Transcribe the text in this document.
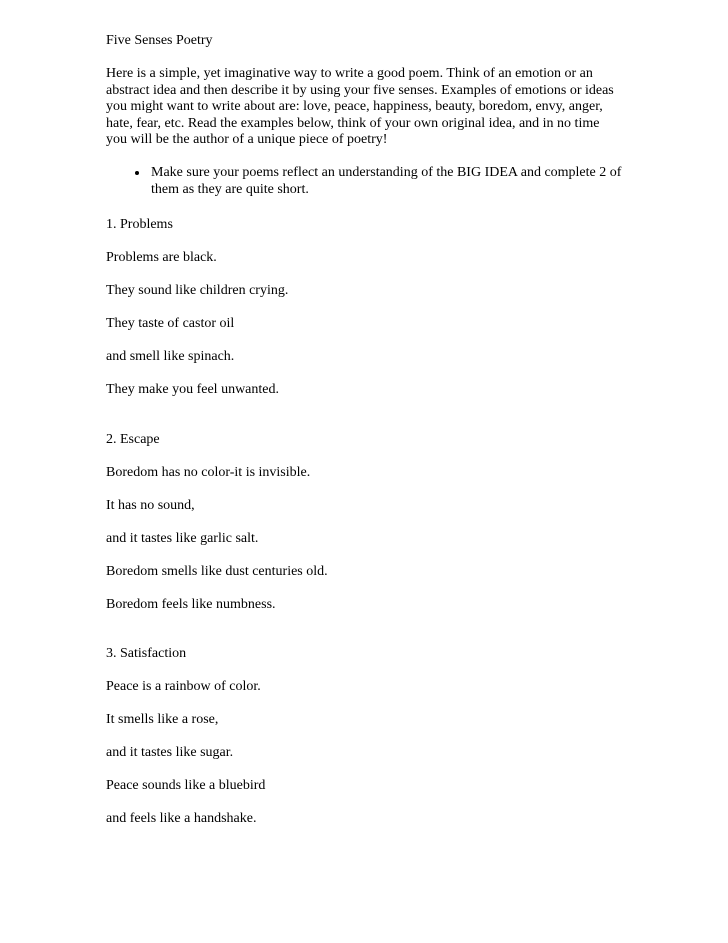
Five Senses Poetry

Here is a simple, yet imaginative way to write a good poem. Think of an emotion or an abstract idea and then describe it by using your five senses. Examples of emotions or ideas you might want to write about are: love, peace, happiness, beauty, boredom, envy, anger, hate, fear, etc. Read the examples below, think of your own original idea, and in no time you will be the author of a unique piece of poetry!

• Make sure your poems reflect an understanding of the BIG IDEA and complete 2 of them as they are quite short.

1. Problems

Problems are black.

They sound like children crying.

They taste of castor oil

and smell like spinach.

They make you feel unwanted.

2. Escape

Boredom has no color-it is invisible.

It has no sound,

and it tastes like garlic salt.

Boredom smells like dust centuries old.

Boredom feels like numbness.

3. Satisfaction

Peace is a rainbow of color.

It smells like a rose,

and it tastes like sugar.

Peace sounds like a bluebird

and feels like a handshake.
